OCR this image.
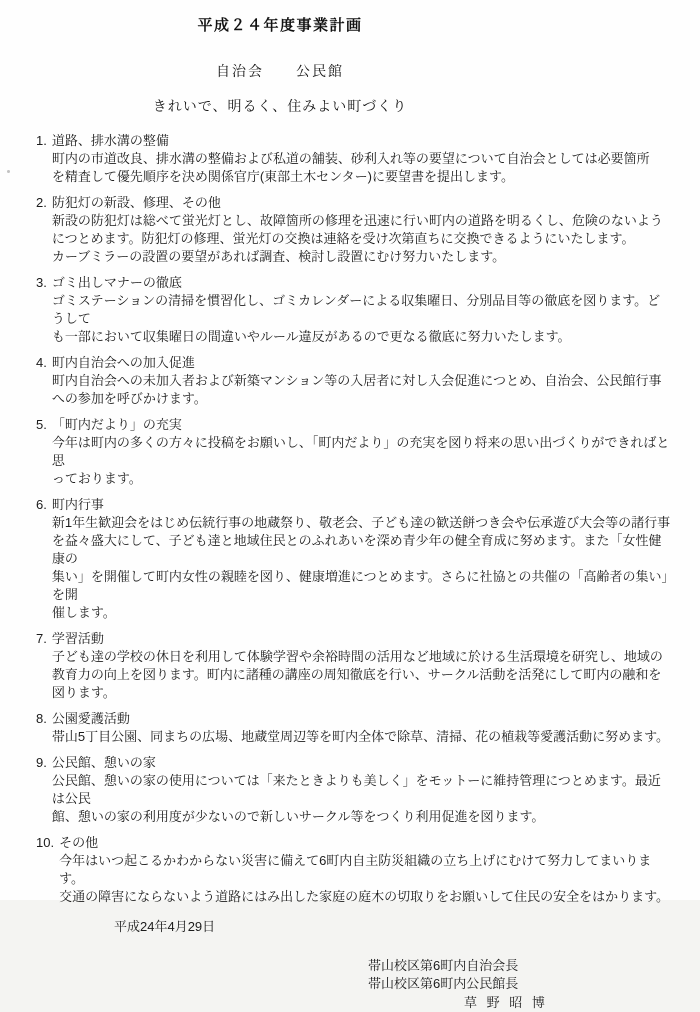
平成２４年度事業計画
自治会　　公民館
きれいで、明るく、住みよい町づくり
1. 道路、排水溝の整備
町内の市道改良、排水溝の整備および私道の舗装、砂利入れ等の要望について自治会としては必要箇所
を精査して優先順序を決め関係官庁(東部土木センター)に要望書を提出します。
2. 防犯灯の新設、修理、その他
新設の防犯灯は総べて蛍光灯とし、故障箇所の修理を迅速に行い町内の道路を明るくし、危険のないよう
につとめます。防犯灯の修理、蛍光灯の交換は連絡を受け次第直ちに交換できるようにいたします。
カーブミラーの設置の要望があれば調査、検討し設置にむけ努力いたします。
3. ゴミ出しマナーの徹底
ゴミステーションの清掃を慣習化し、ゴミカレンダーによる収集曜日、分別品目等の徹底を図ります。どうして
も一部において収集曜日の間違いやルール違反があるので更なる徹底に努力いたします。
4. 町内自治会への加入促進
町内自治会への未加入者および新築マンション等の入居者に対し入会促進につとめ、自治会、公民館行事
への参加を呼びかけます。
5. 「町内だより」の充実
今年は町内の多くの方々に投稿をお願いし、「町内だより」の充実を図り将来の思い出づくりができればと思
っております。
6. 町内行事
新1年生歓迎会をはじめ伝統行事の地蔵祭り、敬老会、子ども達の歓送餅つき会や伝承遊び大会等の諸行事
を益々盛大にして、子ども達と地域住民とのふれあいを深め青少年の健全育成に努めます。また「女性健康の
集い」を開催して町内女性の親睦を図り、健康増進につとめます。さらに社協との共催の「高齢者の集い」を開
催します。
7. 学習活動
子ども達の学校の休日を利用して体験学習や余裕時間の活用など地域に於ける生活環境を研究し、地域の
教育力の向上を図ります。町内に諸種の講座の周知徹底を行い、サークル活動を活発にして町内の融和を
図ります。
8. 公園愛護活動
帯山5丁目公園、同まちの広場、地蔵堂周辺等を町内全体で除草、清掃、花の植栽等愛護活動に努めます。
9. 公民館、憩いの家
公民館、憩いの家の使用については「来たときよりも美しく」をモットーに維持管理につとめます。最近は公民
館、憩いの家の利用度が少ないので新しいサークル等をつくり利用促進を図ります。
10. その他
今年はいつ起こるかわからない災害に備えて6町内自主防災組織の立ち上げにむけて努力してまいります。
交通の障害にならないよう道路にはみ出した家庭の庭木の切取りをお願いして住民の安全をはかります。
平成24年4月29日
帯山校区第6町内自治会長
帯山校区第6町内公民館長
草 野 昭 博
